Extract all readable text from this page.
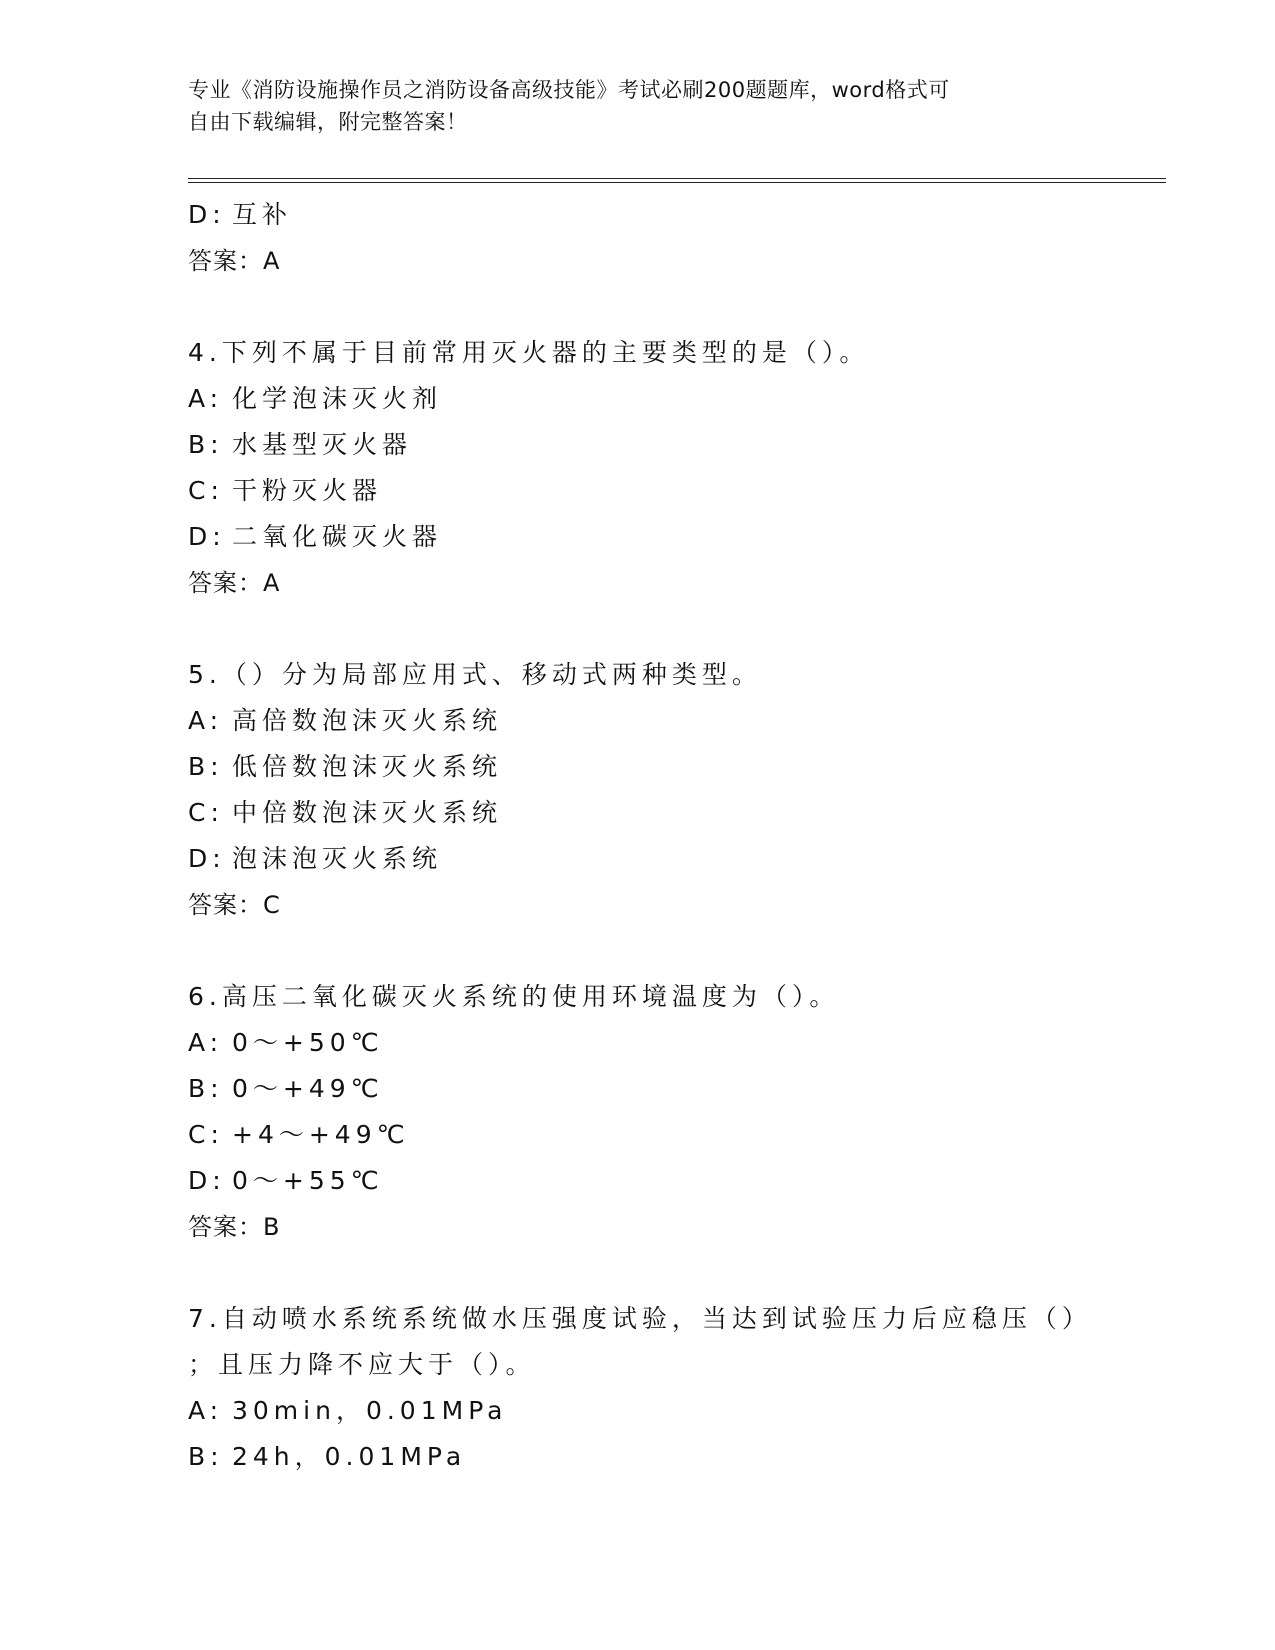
专业《消防设施操作员之消防设备高级技能》考试必刷200题题库，word格式可
自由下载编辑，附完整答案！
D: 互补
答案：A
4.下列不属于目前常用灭火器的主要类型的是（）。
A: 化学泡沫灭火剂
B: 水基型灭火器
C: 干粉灭火器
D: 二氧化碳灭火器
答案：A
5.（）分为局部应用式、移动式两种类型。
A: 高倍数泡沫灭火系统
B: 低倍数泡沫灭火系统
C: 中倍数泡沫灭火系统
D: 泡沫泡灭火系统
答案：C
6.高压二氧化碳灭火系统的使用环境温度为（）。
A: 0～+50℃
B: 0～+49℃
C: +4～+49℃
D: 0～+55℃
答案：B
7.自动喷水系统系统做水压强度试验，当达到试验压力后应稳压（）
；且压力降不应大于（）。
A: 30min，0.01MPa
B: 24h，0.01MPa
